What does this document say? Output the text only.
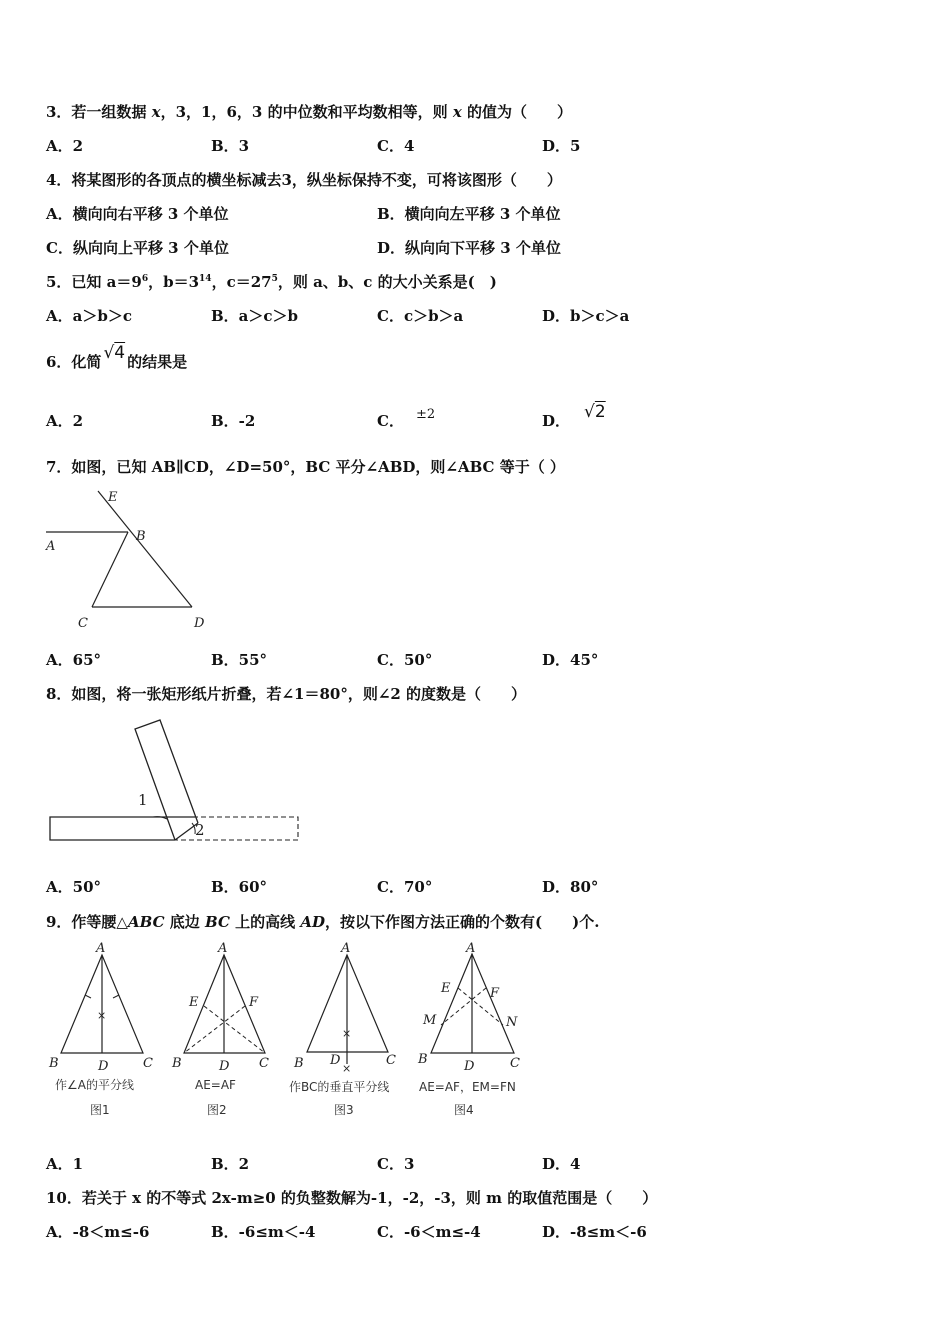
3．若一组数据 x，3，1，6，3 的中位数和平均数相等，则 x 的值为（　　）
A．2	B．3	C．4	D．5
4．将某图形的各顶点的横坐标减去3，纵坐标保持不变，可将该图形（　　）
A．横向向右平移 3 个单位	B．横向向左平移 3 个单位
C．纵向向上平移 3 个单位	D．纵向向下平移 3 个单位
5．已知 $a=9^6$，$b=3^{14}$，$c=27^5$，则 a、b、c 的大小关系是(　)
A．a＞b＞c	B．a＞c＞b	C．c＞b＞a	D．b＞c＞a
6．化简 √4 的结果是
A．2	B．-2	C． ±2	D． √2
7．如图，已知 AB∥CD，∠D=50°，BC 平分∠ABD，则∠ABC 等于（ ）
E
A
B
C	D
A．65°	B．55°	C．50°	D．45°
8．如图，将一张矩形纸片折叠，若∠1＝80°，则∠2 的度数是（　　）
1
2
A．50°	B．60°	C．70°	D．80°
9．作等腰△ABC 底边 BC 上的高线 AD，按以下作图方法正确的个数有(　　)个.
×
A
B	D	C
作∠A的平分线
图1
A
E	F
B	D C
AE=AF
图2
×
×
A
B D	C
作BC的垂直平分线
图3
A
E	F
M	N
B	D	C
AE=AF，EM=FN
图4
A．1	B．2	C．3	D．4
10．若关于 x 的不等式 2x-m≥0 的负整数解为-1，-2，-3，则 m 的取值范围是（　　）
A．-8＜m≤-6	B．-6≤m＜-4	C．-6＜m≤-4	D．-8≤m＜-6
